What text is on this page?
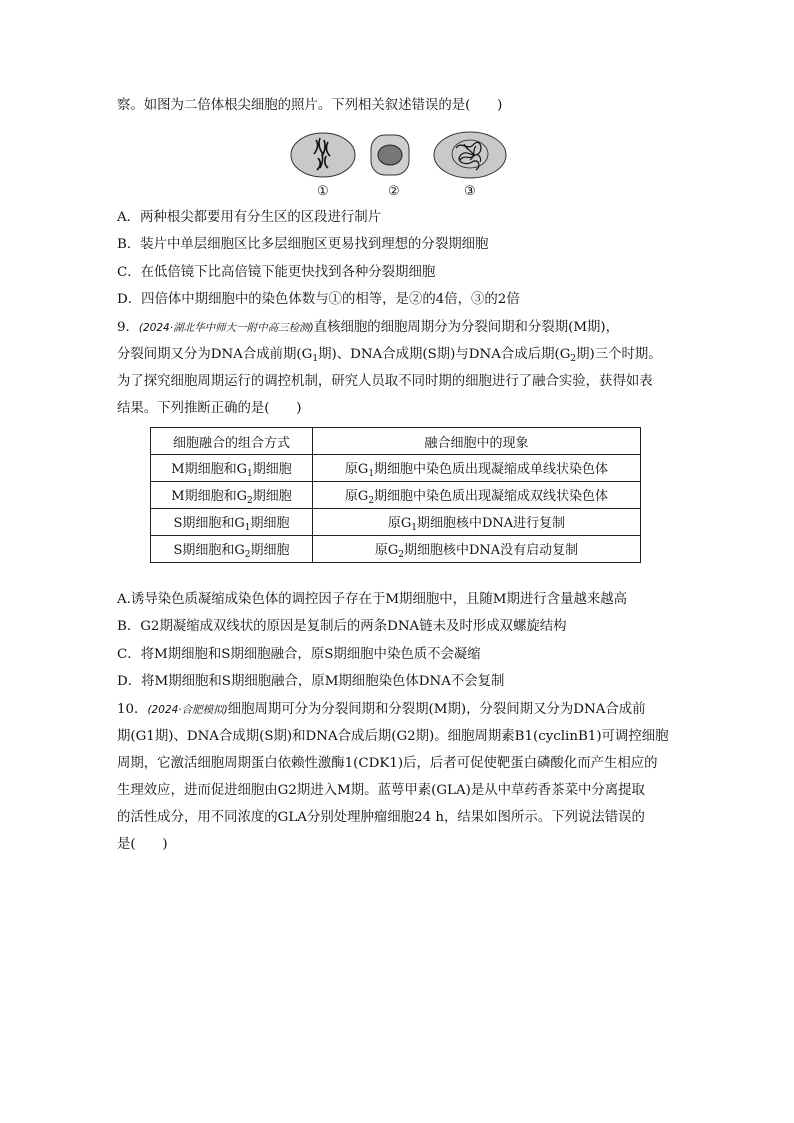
察。如图为二倍体根尖细胞的照片。下列相关叙述错误的是(　　)
①	②	③
A．两种根尖都要用有分生区的区段进行制片
B．装片中单层细胞区比多层细胞区更易找到理想的分裂期细胞
C．在低倍镜下比高倍镜下能更快找到各种分裂期细胞
D．四倍体中期细胞中的染色体数与①的相等，是②的4倍，③的2倍
9．(2024·湖北华中师大一附中高三检测)直核细胞的细胞周期分为分裂间期和分裂期(M期)，
分裂间期又分为DNA合成前期($G_1$期)、DNA合成期(S期)与DNA合成后期($G_2$期)三个时期。
为了探究细胞周期运行的调控机制，研究人员取不同时期的细胞进行了融合实验，获得如表
结果。下列推断正确的是(　　)
细胞融合的组合方式	融合细胞中的现象
M期细胞和$G_1$期细胞	原$G_1$期细胞中染色质出现凝缩成单线状染色体
M期细胞和$G_2$期细胞	原$G_2$期细胞中染色质出现凝缩成双线状染色体
S期细胞和$G_1$期细胞	原$G_1$期细胞核中DNA进行复制
S期细胞和$G_2$期细胞	原$G_2$期细胞核中DNA没有启动复制
A.诱导染色质凝缩成染色体的调控因子存在于M期细胞中，且随M期进行含量越来越高
B．G2期凝缩成双线状的原因是复制后的两条DNA链未及时形成双螺旋结构
C．将M期细胞和S期细胞融合，原S期细胞中染色质不会凝缩
D．将M期细胞和S期细胞融合，原M期细胞染色体DNA不会复制
10．(2024·合肥模拟)细胞周期可分为分裂间期和分裂期(M期)，分裂间期又分为DNA合成前
期(G1期)、DNA合成期(S期)和DNA合成后期(G2期)。细胞周期素B1(cyclinB1)可调控细胞
周期，它激活细胞周期蛋白依赖性激酶1(CDK1)后，后者可促使靶蛋白磷酸化而产生相应的
生理效应，进而促进细胞由G2期进入M期。蓝萼甲素(GLA)是从中草药香茶菜中分离提取
的活性成分，用不同浓度的GLA分别处理肿瘤细胞24 h，结果如图所示。下列说法错误的
是(　　)
